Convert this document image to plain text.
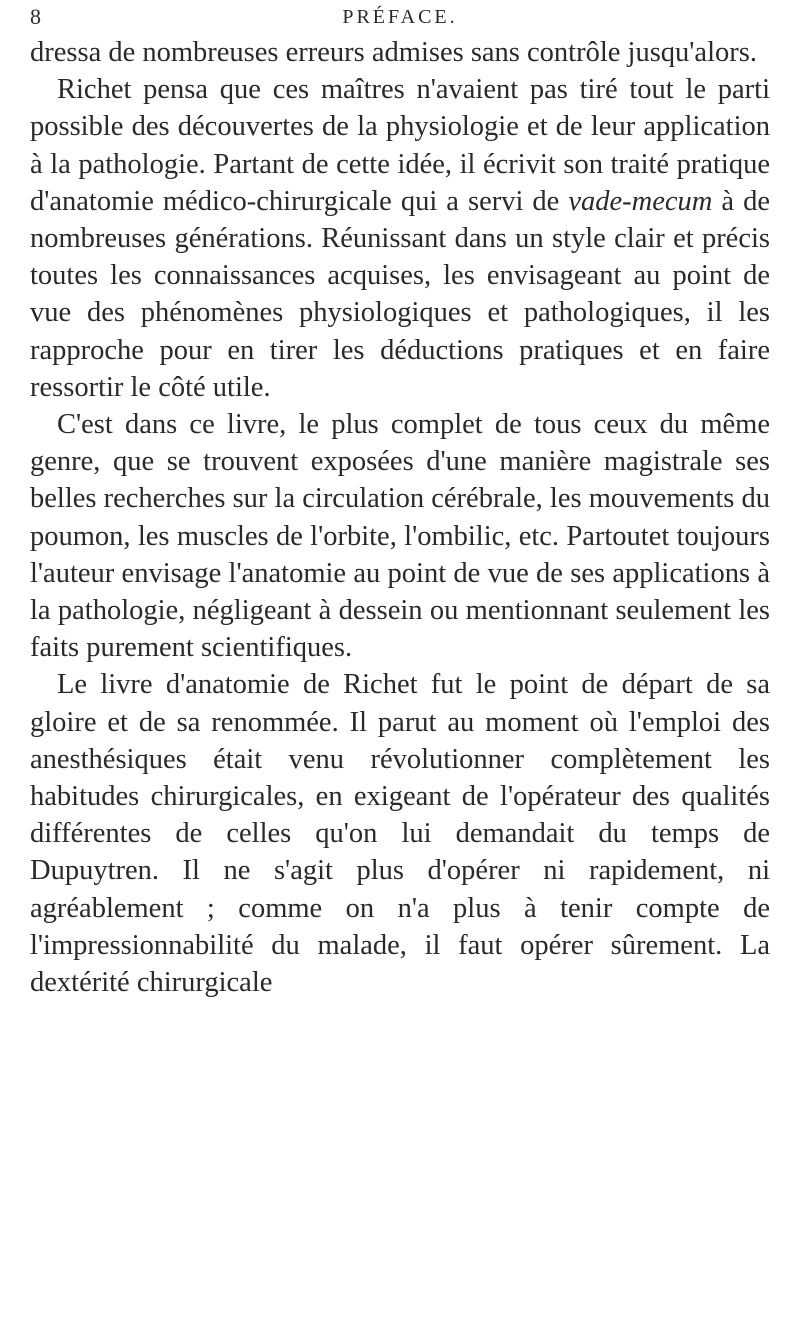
8	PRÉFACE.

dressa de nombreuses erreurs admises sans contrôle jusqu'alors.

Richet pensa que ces maîtres n'avaient pas tiré tout le parti possible des découvertes de la physiologie et de leur application à la pathologie. Partant de cette idée, il écrivit son traité pratique d'anatomie médico-chirurgicale qui a servi de vade-mecum à de nombreuses générations. Réunissant dans un style clair et précis toutes les connaissances acquises, les envisageant au point de vue des phénomènes physiologiques et pathologiques, il les rapproche pour en tirer les déductions pratiques et en faire ressortir le côté utile.

C'est dans ce livre, le plus complet de tous ceux du même genre, que se trouvent exposées d'une manière magistrale ses belles recherches sur la circulation cérébrale, les mouvements du poumon, les muscles de l'orbite, l'ombilic, etc. Partoutet toujours l'auteur envisage l'anatomie au point de vue de ses applications à la pathologie, négligeant à dessein ou mentionnant seulement les faits purement scientifiques.

Le livre d'anatomie de Richet fut le point de départ de sa gloire et de sa renommée. Il parut au moment où l'emploi des anesthésiques était venu révolutionner complètement les habitudes chirurgicales, en exigeant de l'opérateur des qualités différentes de celles qu'on lui demandait du temps de Dupuytren. Il ne s'agit plus d'opérer ni rapidement, ni agréablement ; comme on n'a plus à tenir compte de l'impressionnabilité du malade, il faut opérer sûrement. La dextérité chirurgicale
